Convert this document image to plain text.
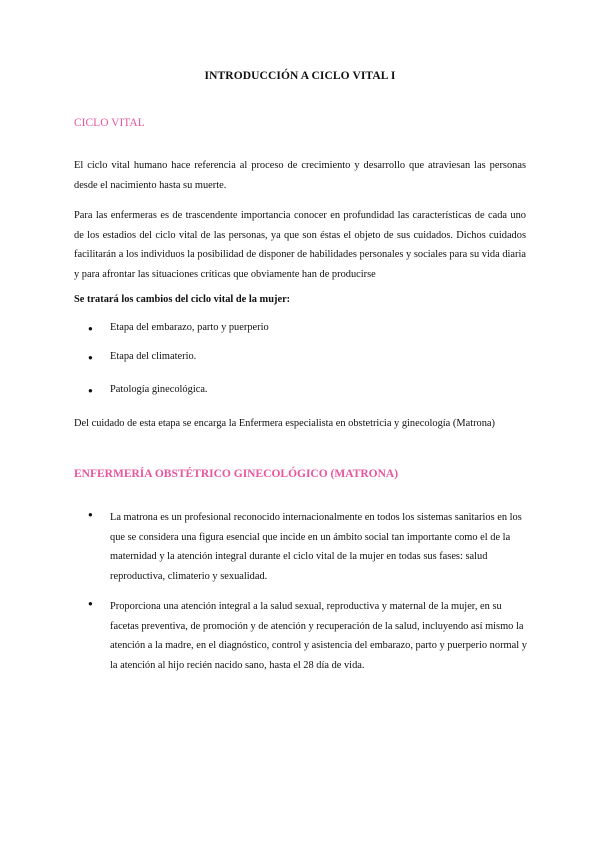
INTRODUCCIÓN A CICLO VITAL I
CICLO VITAL

El ciclo vital humano hace referencia al proceso de crecimiento y desarrollo que atraviesan las personas desde el nacimiento hasta su muerte.

Para las enfermeras es de trascendente importancia conocer en profundidad las características de cada uno de los estadios del ciclo vital de las personas, ya que son éstas el objeto de sus cuidados. Dichos cuidados facilitarán a los individuos la posibilidad de disponer de habilidades personales y sociales para su vida diaria y para afrontar las situaciones críticas que obviamente han de producirse

Se tratará los cambios del ciclo vital de la mujer:
● Etapa del embarazo, parto y puerperio
● Etapa del climaterio.
● Patología ginecológica.

Del cuidado de esta etapa se encarga la Enfermera especialista en obstetricia y ginecología (Matrona)

ENFERMERÍA OBSTÉTRICO GINECOLÓGICO (MATRONA)
● La matrona es un profesional reconocido internacionalmente en todos los sistemas sanitarios en los que se considera una figura esencial que incide en un ámbito social tan importante como el de la maternidad y la atención integral durante el ciclo vital de la mujer en todas sus fases: salud reproductiva, climaterio y sexualidad.

● Proporciona una atención integral a la salud sexual, reproductiva y maternal de la mujer, en su facetas preventiva, de promoción y de atención y recuperación de la salud, incluyendo así mismo la atención a la madre, en el diagnóstico, control y asistencia del embarazo, parto y puerperio normal y la atención al hijo recién nacido sano, hasta el 28 día de vida.
